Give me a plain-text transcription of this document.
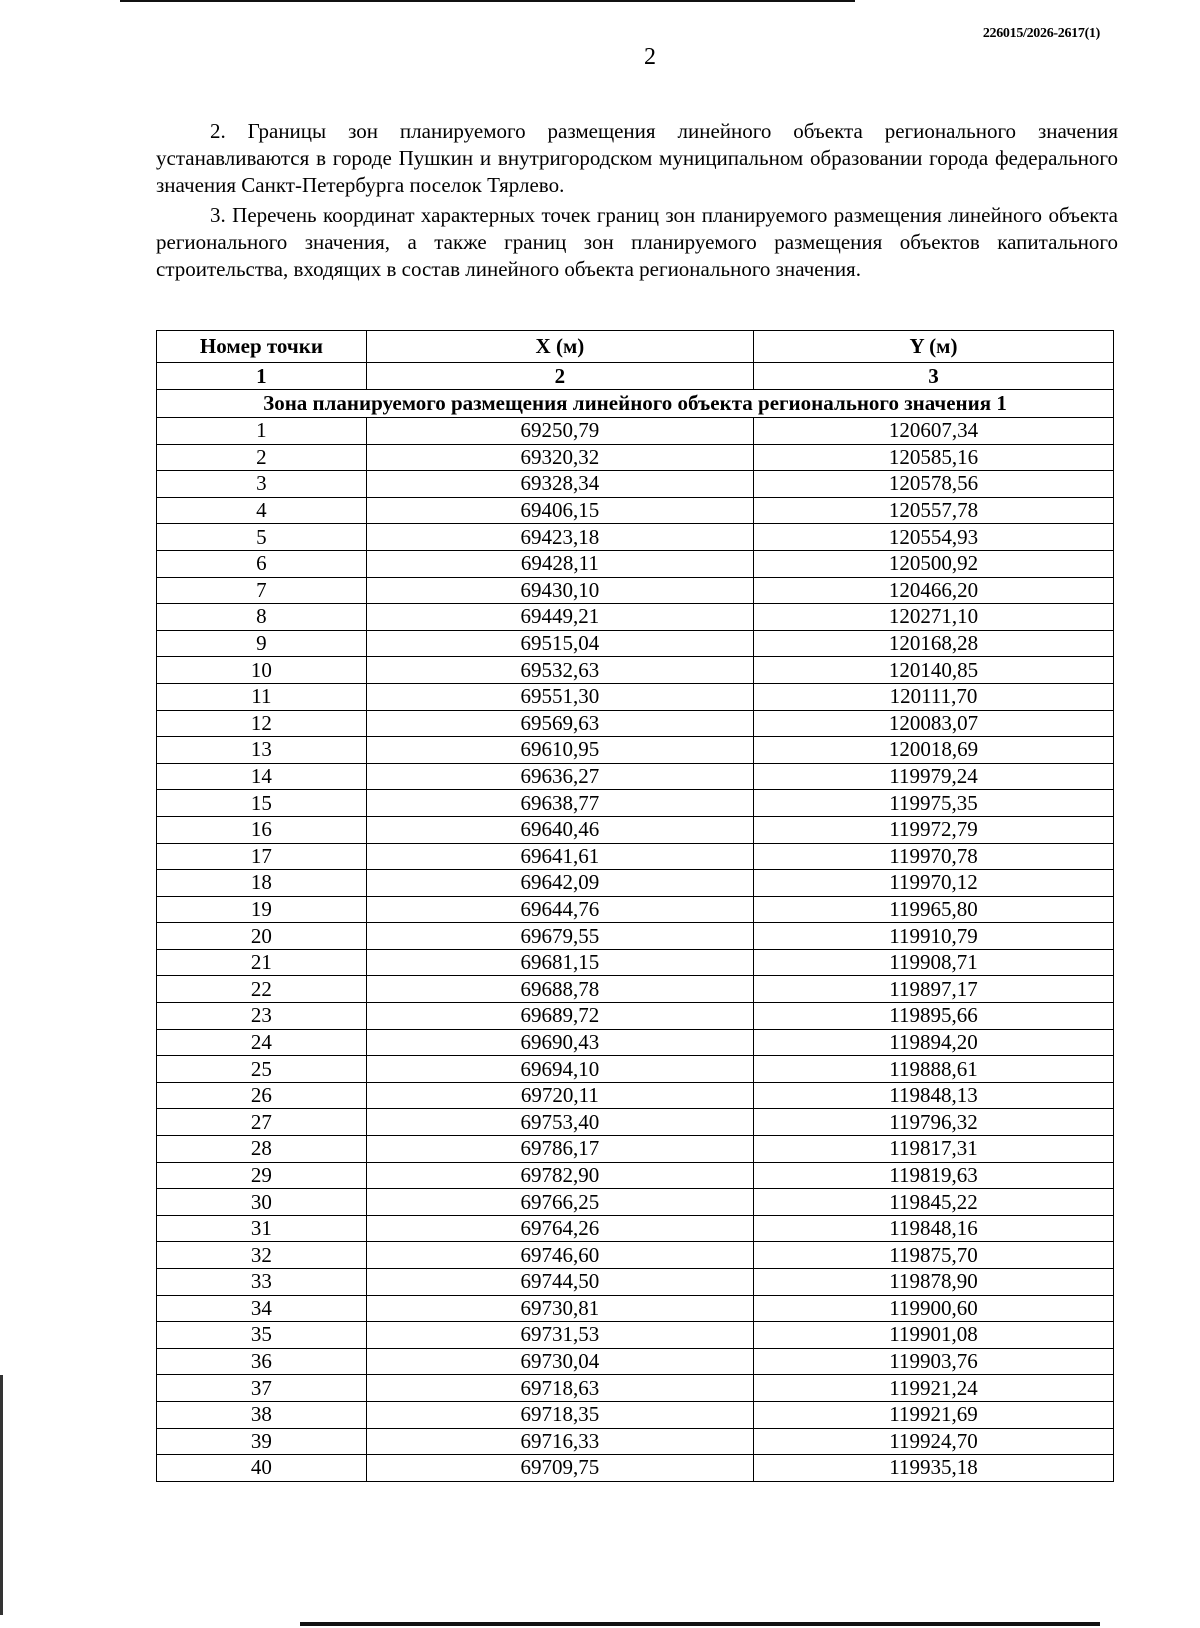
226015/2026-2617(1)
2

2. Границы зон планируемого размещения линейного объекта регионального значения устанавливаются в городе Пушкин и внутригородском муниципальном образовании города федерального значения Санкт-Петербурга поселок Тярлево.

3. Перечень координат характерных точек границ зон планируемого размещения линейного объекта регионального значения, а также границ зон планируемого размещения объектов капитального строительства, входящих в состав линейного объекта регионального значения.

Номер точки	X (м)	Y (м)
1	2	3
Зона планируемого размещения линейного объекта регионального значения 1		
1	69250,79	120607,34
2	69320,32	120585,16
3	69328,34	120578,56
4	69406,15	120557,78
5	69423,18	120554,93
6	69428,11	120500,92
7	69430,10	120466,20
8	69449,21	120271,10
9	69515,04	120168,28
10	69532,63	120140,85
11	69551,30	120111,70
12	69569,63	120083,07
13	69610,95	120018,69
14	69636,27	119979,24
15	69638,77	119975,35
16	69640,46	119972,79
17	69641,61	119970,78
18	69642,09	119970,12
19	69644,76	119965,80
20	69679,55	119910,79
21	69681,15	119908,71
22	69688,78	119897,17
23	69689,72	119895,66
24	69690,43	119894,20
25	69694,10	119888,61
26	69720,11	119848,13
27	69753,40	119796,32
28	69786,17	119817,31
29	69782,90	119819,63
30	69766,25	119845,22
31	69764,26	119848,16
32	69746,60	119875,70
33	69744,50	119878,90
34	69730,81	119900,60
35	69731,53	119901,08
36	69730,04	119903,76
37	69718,63	119921,24
38	69718,35	119921,69
39	69716,33	119924,70
40	69709,75	119935,18
